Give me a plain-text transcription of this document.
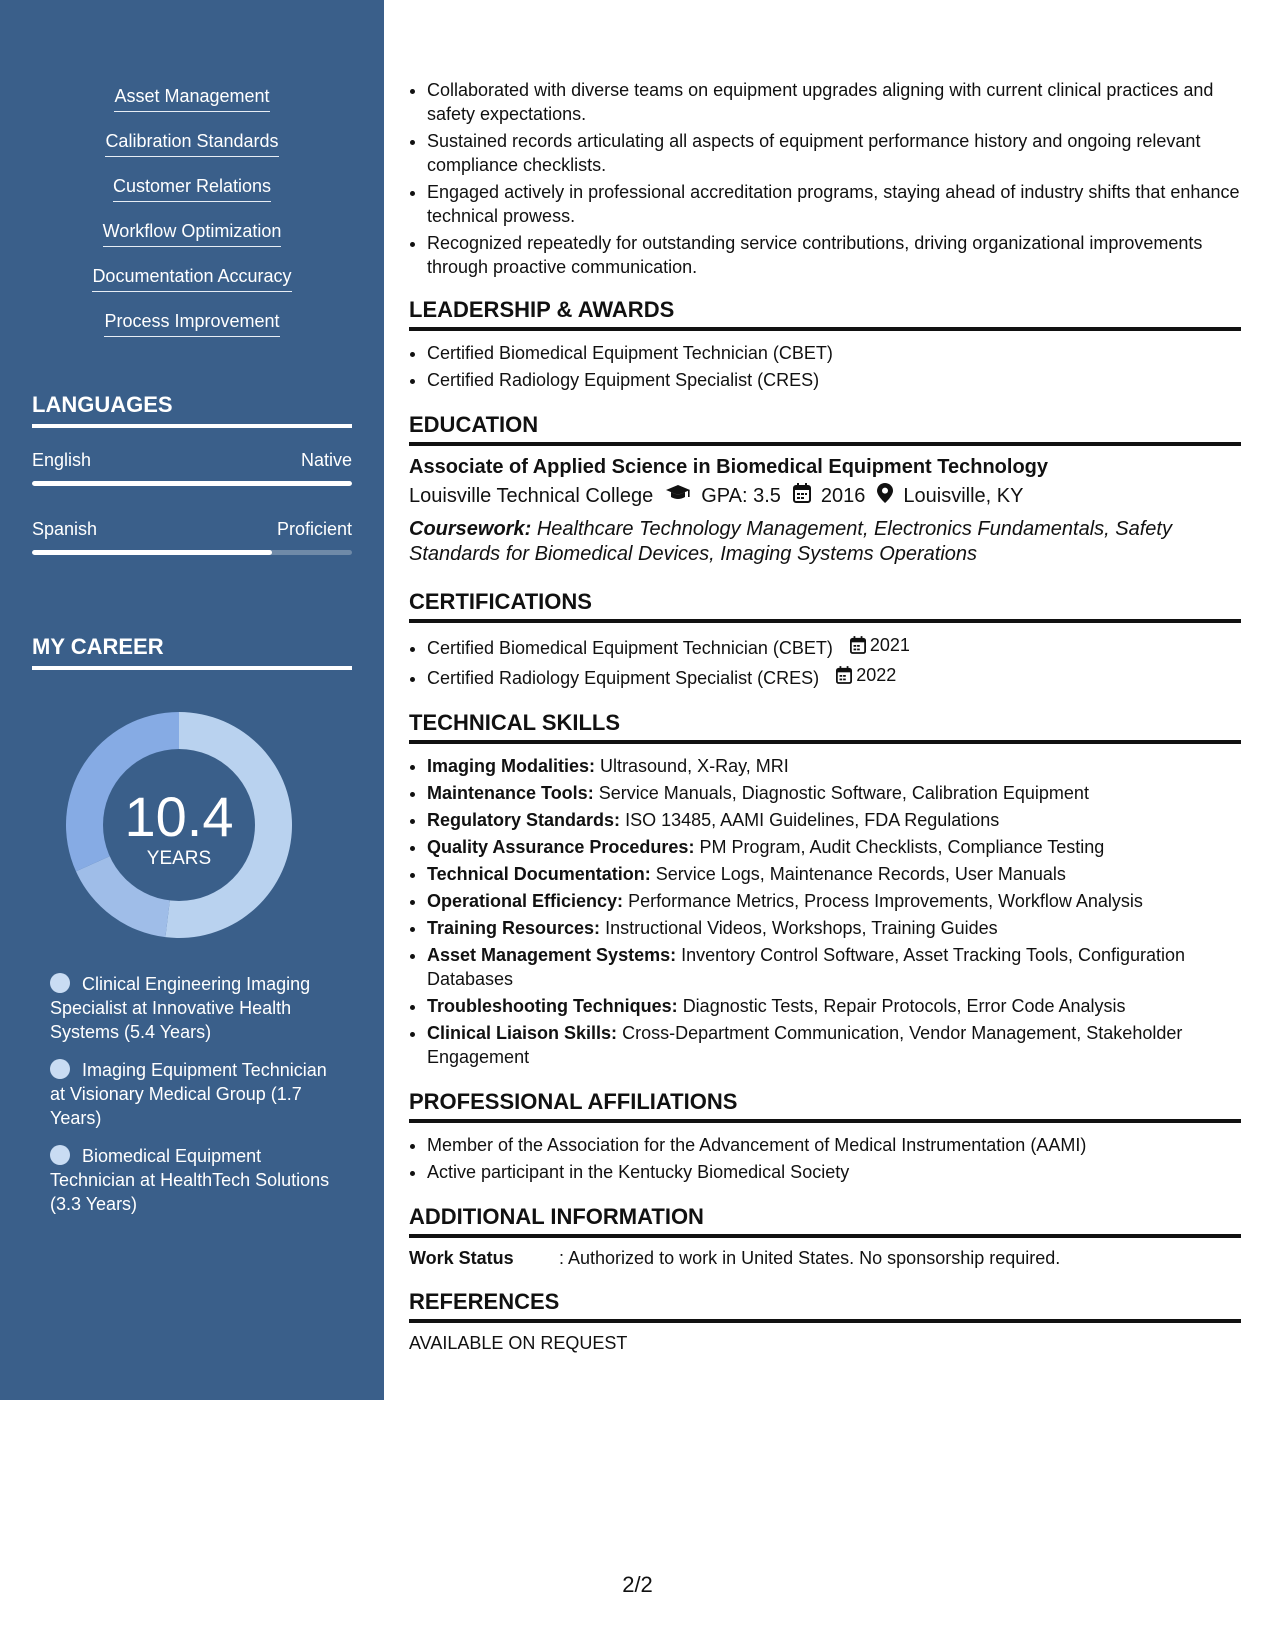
Asset Management
Calibration Standards
Customer Relations
Workflow Optimization
Documentation Accuracy
Process Improvement
LANGUAGES
English	Native
Spanish	Proficient
MY CAREER
10.4
YEARS
Clinical Engineering Imaging Specialist at Innovative Health Systems (5.4 Years)
Imaging Equipment Technician at Visionary Medical Group (1.7 Years)
Biomedical Equipment Technician at HealthTech Solutions (3.3 Years)
• Collaborated with diverse teams on equipment upgrades aligning with current clinical practices and safety expectations.
• Sustained records articulating all aspects of equipment performance history and ongoing relevant compliance checklists.
• Engaged actively in professional accreditation programs, staying ahead of industry shifts that enhance technical prowess.
• Recognized repeatedly for outstanding service contributions, driving organizational improvements through proactive communication.
LEADERSHIP & AWARDS
• Certified Biomedical Equipment Technician (CBET)
• Certified Radiology Equipment Specialist (CRES)
EDUCATION
Associate of Applied Science in Biomedical Equipment Technology
Louisville Technical College GPA: 3.5 2016 Louisville, KY
Coursework: Healthcare Technology Management, Electronics Fundamentals, Safety Standards for Biomedical Devices, Imaging Systems Operations
CERTIFICATIONS
• Certified Biomedical Equipment Technician (CBET) 2021
• Certified Radiology Equipment Specialist (CRES) 2022
TECHNICAL SKILLS
• Imaging Modalities: Ultrasound, X-Ray, MRI
• Maintenance Tools: Service Manuals, Diagnostic Software, Calibration Equipment
• Regulatory Standards: ISO 13485, AAMI Guidelines, FDA Regulations
• Quality Assurance Procedures: PM Program, Audit Checklists, Compliance Testing
• Technical Documentation: Service Logs, Maintenance Records, User Manuals
• Operational Efficiency: Performance Metrics, Process Improvements, Workflow Analysis
• Training Resources: Instructional Videos, Workshops, Training Guides
• Asset Management Systems: Inventory Control Software, Asset Tracking Tools, Configuration Databases
• Troubleshooting Techniques: Diagnostic Tests, Repair Protocols, Error Code Analysis
• Clinical Liaison Skills: Cross-Department Communication, Vendor Management, Stakeholder Engagement
PROFESSIONAL AFFILIATIONS
• Member of the Association for the Advancement of Medical Instrumentation (AAMI)
• Active participant in the Kentucky Biomedical Society
ADDITIONAL INFORMATION
Work Status	: Authorized to work in United States. No sponsorship required.
REFERENCES
AVAILABLE ON REQUEST
2/2
